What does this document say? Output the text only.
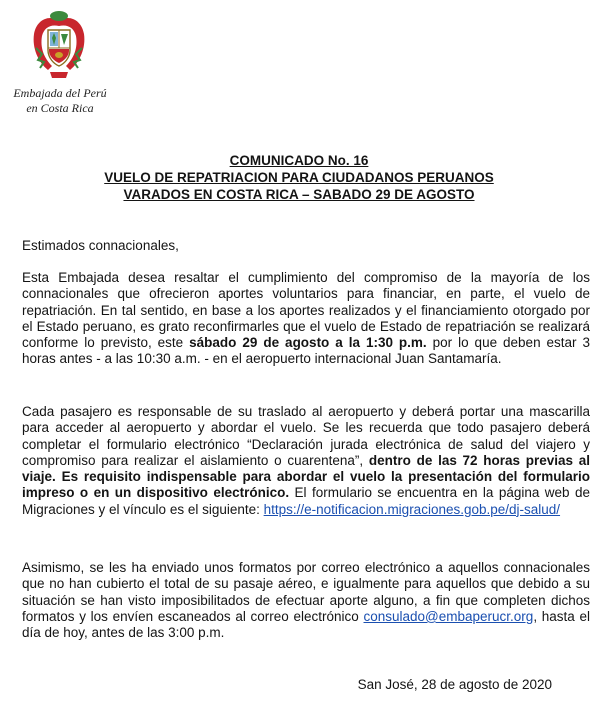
Embajada del Perú
en Costa Rica
COMUNICADO No. 16
VUELO DE REPATRIACION PARA CIUDADANOS PERUANOS
VARADOS EN COSTA RICA – SABADO 29 DE AGOSTO
Estimados connacionales,
Esta Embajada desea resaltar el cumplimiento del compromiso de la mayoría de los connacionales que ofrecieron aportes voluntarios para financiar, en parte, el vuelo de repatriación. En tal sentido, en base a los aportes realizados y el financiamiento otorgado por el Estado peruano, es grato reconfirmarles que el vuelo de Estado de repatriación se realizará conforme lo previsto, este sábado 29 de agosto a la 1:30 p.m. por lo que deben estar 3 horas antes - a las 10:30 a.m. - en el aeropuerto internacional Juan Santamaría.
Cada pasajero es responsable de su traslado al aeropuerto y deberá portar una mascarilla para acceder al aeropuerto y abordar el vuelo. Se les recuerda que todo pasajero deberá completar el formulario electrónico “Declaración jurada electrónica de salud del viajero y compromiso para realizar el aislamiento o cuarentena”, dentro de las 72 horas previas al viaje. Es requisito indispensable para abordar el vuelo la presentación del formulario impreso o en un dispositivo electrónico. El formulario se encuentra en la página web de Migraciones y el vínculo es el siguiente: https://e-notificacion.migraciones.gob.pe/dj-salud/
Asimismo, se les ha enviado unos formatos por correo electrónico a aquellos connacionales que no han cubierto el total de su pasaje aéreo, e igualmente para aquellos que debido a su situación se han visto imposibilitados de efectuar aporte alguno, a fin que completen dichos formatos y los envíen escaneados al correo electrónico consulado@embaperucr.org, hasta el día de hoy, antes de las 3:00 p.m.
San José, 28 de agosto de 2020
